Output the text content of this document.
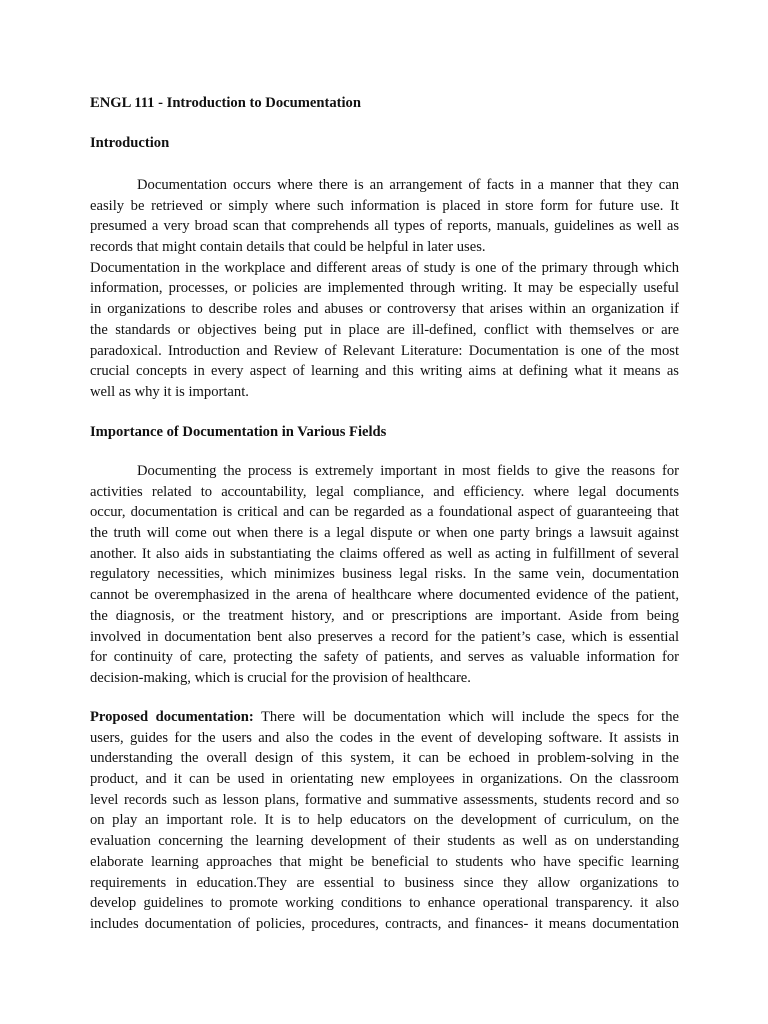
ENGL 111 - Introduction to Documentation
Introduction
Documentation occurs where there is an arrangement of facts in a manner that they can
easily be retrieved or simply where such information is placed in store form for future use. It
presumed a very broad scan that comprehends all types of reports, manuals, guidelines as well as
records that might contain details that could be helpful in later uses.
Documentation in the workplace and different areas of study is one of the primary through which
information, processes, or policies are implemented through writing. It may be especially useful
in organizations to describe roles and abuses or controversy that arises within an organization if
the standards or objectives being put in place are ill-defined, conflict with themselves or are
paradoxical. Introduction and Review of Relevant Literature: Documentation is one of the most
crucial concepts in every aspect of learning and this writing aims at defining what it means as
well as why it is important.
Importance of Documentation in Various Fields
Documenting the process is extremely important in most fields to give the reasons for
activities related to accountability, legal compliance, and efficiency. where legal documents
occur, documentation is critical and can be regarded as a foundational aspect of guaranteeing that
the truth will come out when there is a legal dispute or when one party brings a lawsuit against
another. It also aids in substantiating the claims offered as well as acting in fulfillment of several
regulatory necessities, which minimizes business legal risks. In the same vein, documentation
cannot be overemphasized in the arena of healthcare where documented evidence of the patient,
the diagnosis, or the treatment history, and or prescriptions are important. Aside from being
involved in documentation bent also preserves a record for the patient’s case, which is essential
for continuity of care, protecting the safety of patients, and serves as valuable information for
decision-making, which is crucial for the provision of healthcare.
Proposed documentation: There will be documentation which will include the specs for the
users, guides for the users and also the codes in the event of developing software. It assists in
understanding the overall design of this system, it can be echoed in problem-solving in the
product, and it can be used in orientating new employees in organizations. On the classroom
level records such as lesson plans, formative and summative assessments, students record and so
on play an important role. It is to help educators on the development of curriculum, on the
evaluation concerning the learning development of their students as well as on understanding
elaborate learning approaches that might be beneficial to students who have specific learning
requirements in education.They are essential to business since they allow organizations to
develop guidelines to promote working conditions to enhance operational transparency. it also
includes documentation of policies, procedures, contracts, and finances- it means documentation
